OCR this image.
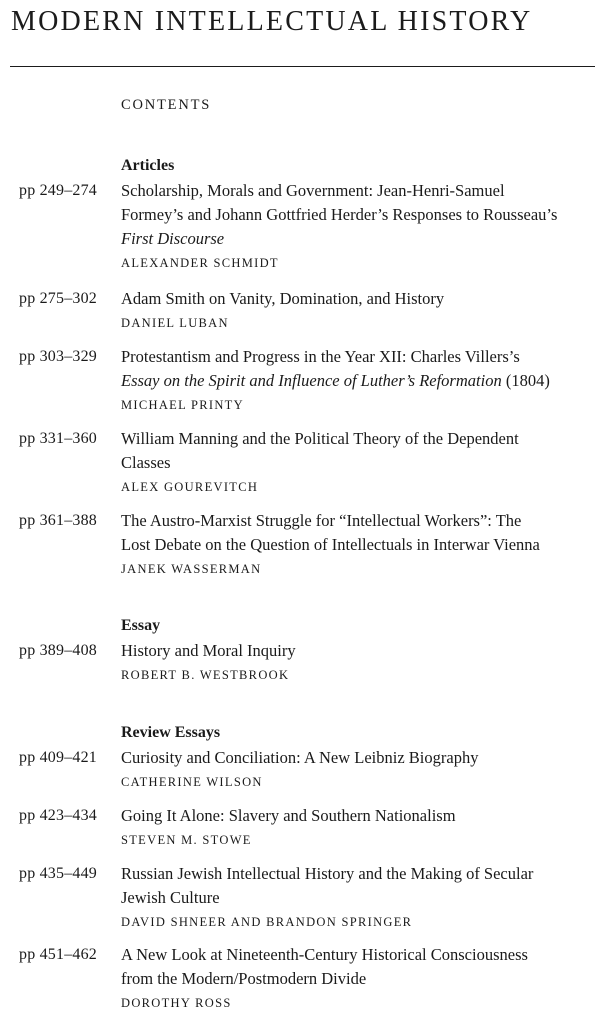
MODERN INTELLECTUAL HISTORY
CONTENTS
Articles
pp 249–274 Scholarship, Morals and Government: Jean-Henri-Samuel
Formey’s and Johann Gottfried Herder’s Responses to Rousseau’s
First Discourse
ALEXANDER SCHMIDT
pp 275–302 Adam Smith on Vanity, Domination, and History
DANIEL LUBAN
pp 303–329 Protestantism and Progress in the Year XII: Charles Villers’s
Essay on the Spirit and Influence of Luther’s Reformation (1804)
MICHAEL PRINTY
pp 331–360 William Manning and the Political Theory of the Dependent
Classes
ALEX GOUREVITCH
pp 361–388 The Austro-Marxist Struggle for “Intellectual Workers”: The
Lost Debate on the Question of Intellectuals in Interwar Vienna
JANEK WASSERMAN
Essay
pp 389–408 History and Moral Inquiry
ROBERT B. WESTBROOK
Review Essays
pp 409–421 Curiosity and Conciliation: A New Leibniz Biography
CATHERINE WILSON
pp 423–434 Going It Alone: Slavery and Southern Nationalism
STEVEN M. STOWE
pp 435–449 Russian Jewish Intellectual History and the Making of Secular
Jewish Culture
DAVID SHNEER AND BRANDON SPRINGER
pp 451–462 A New Look at Nineteenth-Century Historical Consciousness
from the Modern/Postmodern Divide
DOROTHY ROSS
